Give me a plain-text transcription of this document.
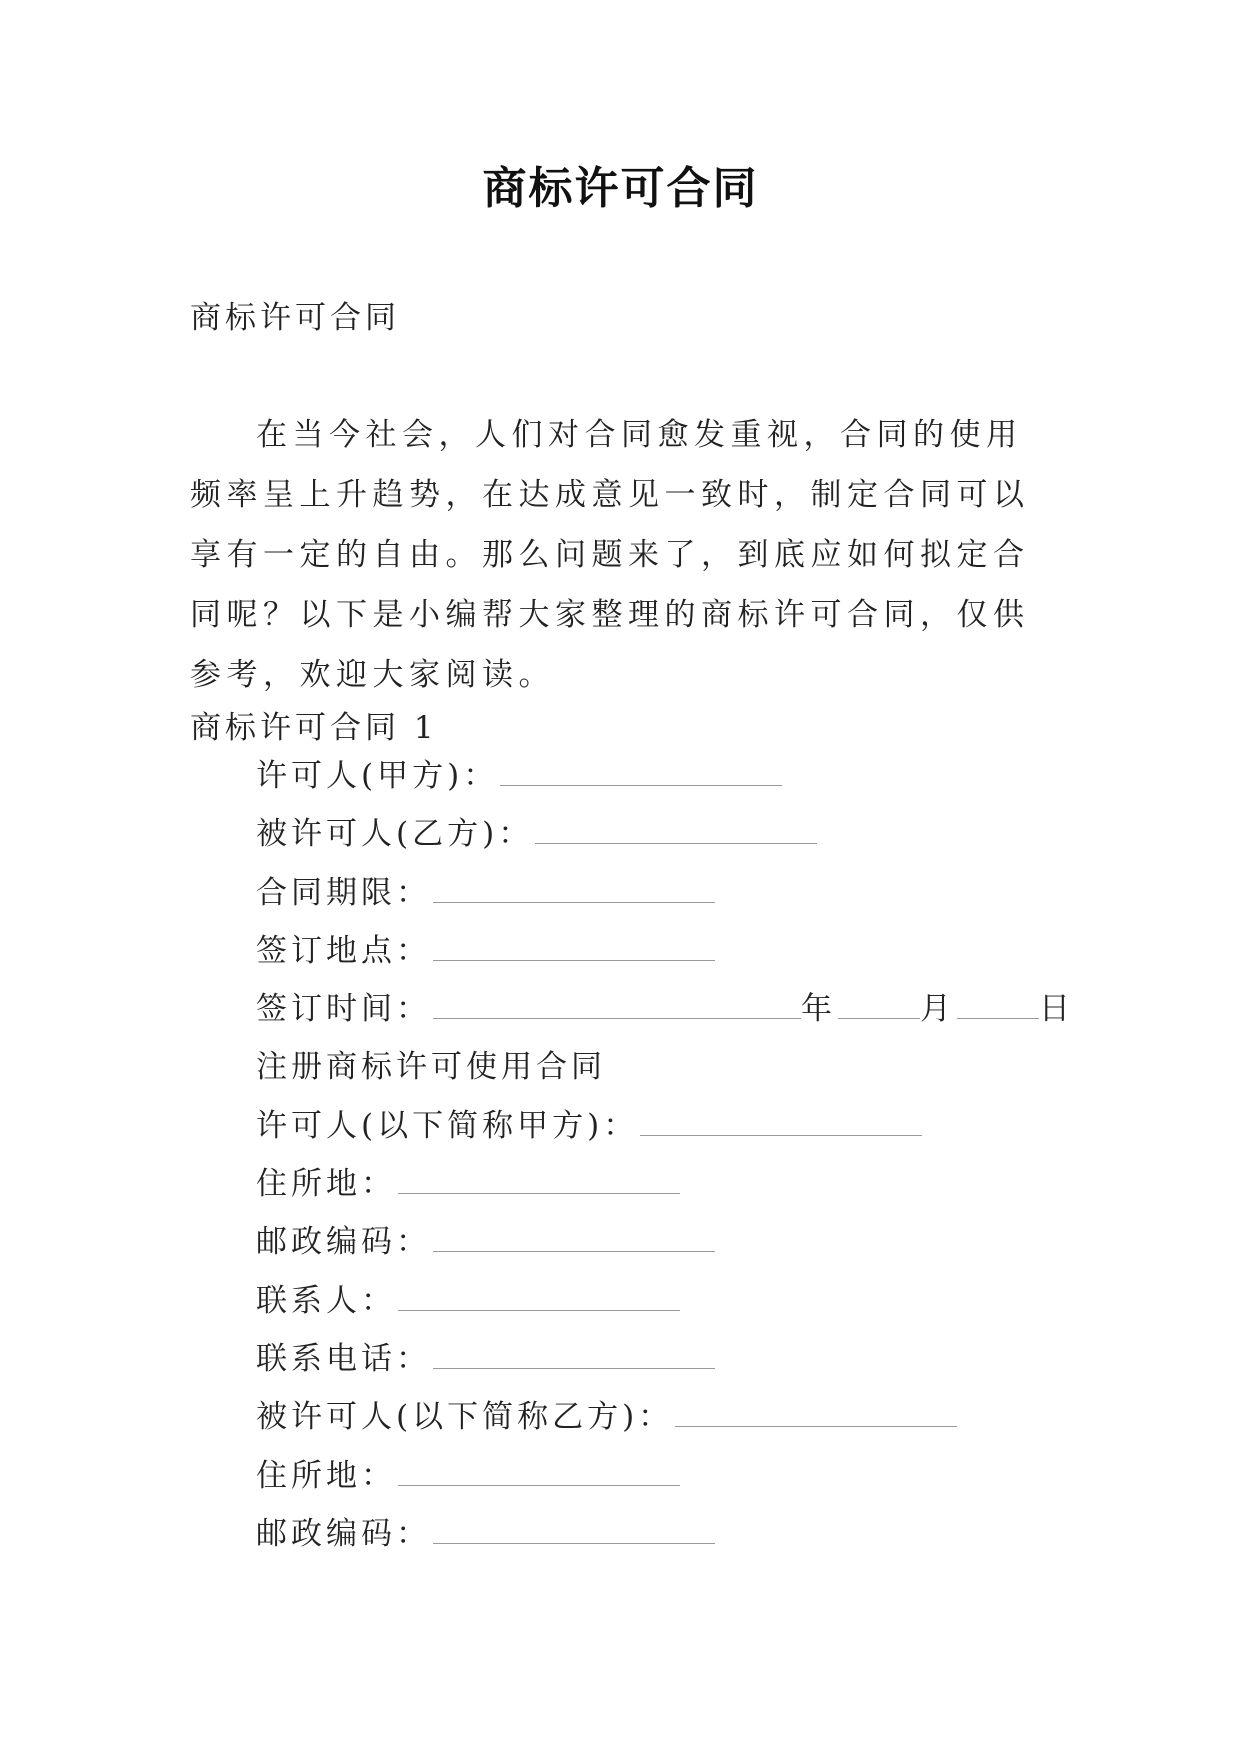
商标许可合同
商标许可合同

在当今社会，人们对合同愈发重视，合同的使用频率呈上升趋势，在达成意见一致时，制定合同可以享有一定的自由。那么问题来了，到底应如何拟定合同呢？以下是小编帮大家整理的商标许可合同，仅供参考，欢迎大家阅读。

商标许可合同 1
许可人(甲方)：
被许可人(乙方)：
合同期限：
签订地点：
签订时间：	年	月	日
注册商标许可使用合同
许可人(以下简称甲方)：
住所地：
邮政编码：
联系人：
联系电话：
被许可人(以下简称乙方)：
住所地：
邮政编码：
